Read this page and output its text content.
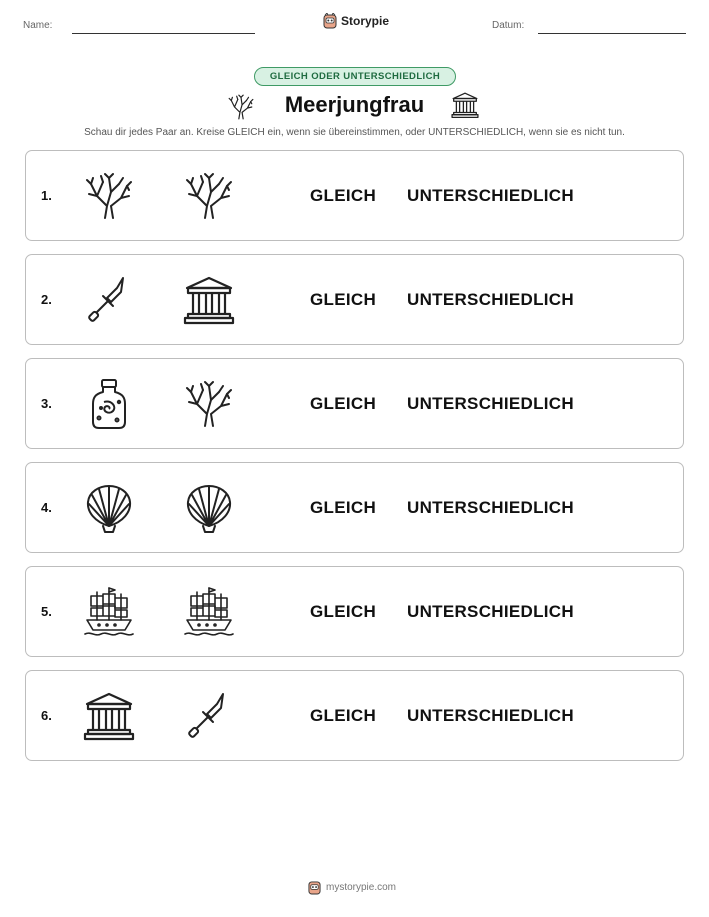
Name:	Storypie	Datum:
GLEICH ODER UNTERSCHIEDLICH
Meerjungfrau
Schau dir jedes Paar an. Kreise GLEICH ein, wenn sie übereinstimmen, oder UNTERSCHIEDLICH, wenn sie es nicht tun.
1.	GLEICH UNTERSCHIEDLICH
2.	GLEICH UNTERSCHIEDLICH
3.	GLEICH UNTERSCHIEDLICH
4.	GLEICH UNTERSCHIEDLICH
5.	GLEICH UNTERSCHIEDLICH
6.	GLEICH UNTERSCHIEDLICH
mystorypie.com
